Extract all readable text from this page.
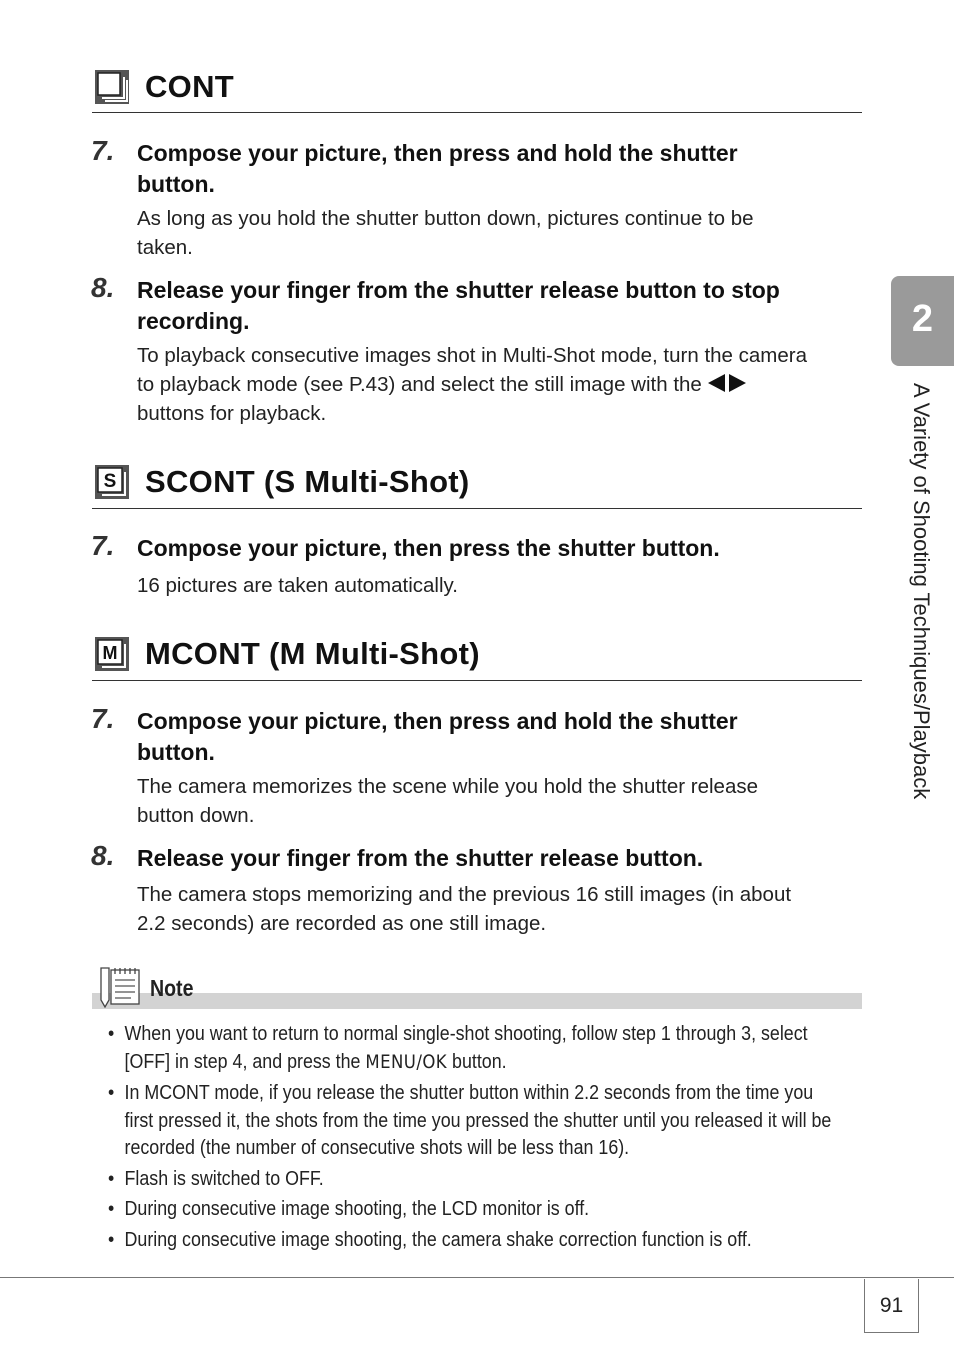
CONT
7. Compose your picture, then press and hold the shutter
button.
As long as you hold the shutter button down, pictures continue to be
taken.
8. Release your finger from the shutter release button to stop
recording.
To playback consecutive images shot in Multi-Shot mode, turn the camera
to playback mode (see P.43) and select the still image with the
buttons for playback.
S SCONT (S Multi-Shot)
7. Compose your picture, then press the shutter button.
16 pictures are taken automatically.
M MCONT (M Multi-Shot)
7. Compose your picture, then press and hold the shutter
button.
The camera memorizes the scene while you hold the shutter release
button down.
8. Release your finger from the shutter release button.
The camera stops memorizing and the previous 16 still images (in about
2.2 seconds) are recorded as one still image.
Note
• When you want to return to normal single-shot shooting, follow step 1 through 3, select
[OFF] in step 4, and press the MENU/OK button.
• In MCONT mode, if you release the shutter button within 2.2 seconds from the time you
first pressed it, the shots from the time you pressed the shutter until you released it will be
recorded (the number of consecutive shots will be less than 16).
• Flash is switched to OFF.
• During consecutive image shooting, the LCD monitor is off.
• During consecutive image shooting, the camera shake correction function is off.
2
A Variety of Shooting Techniques/Playback
91
